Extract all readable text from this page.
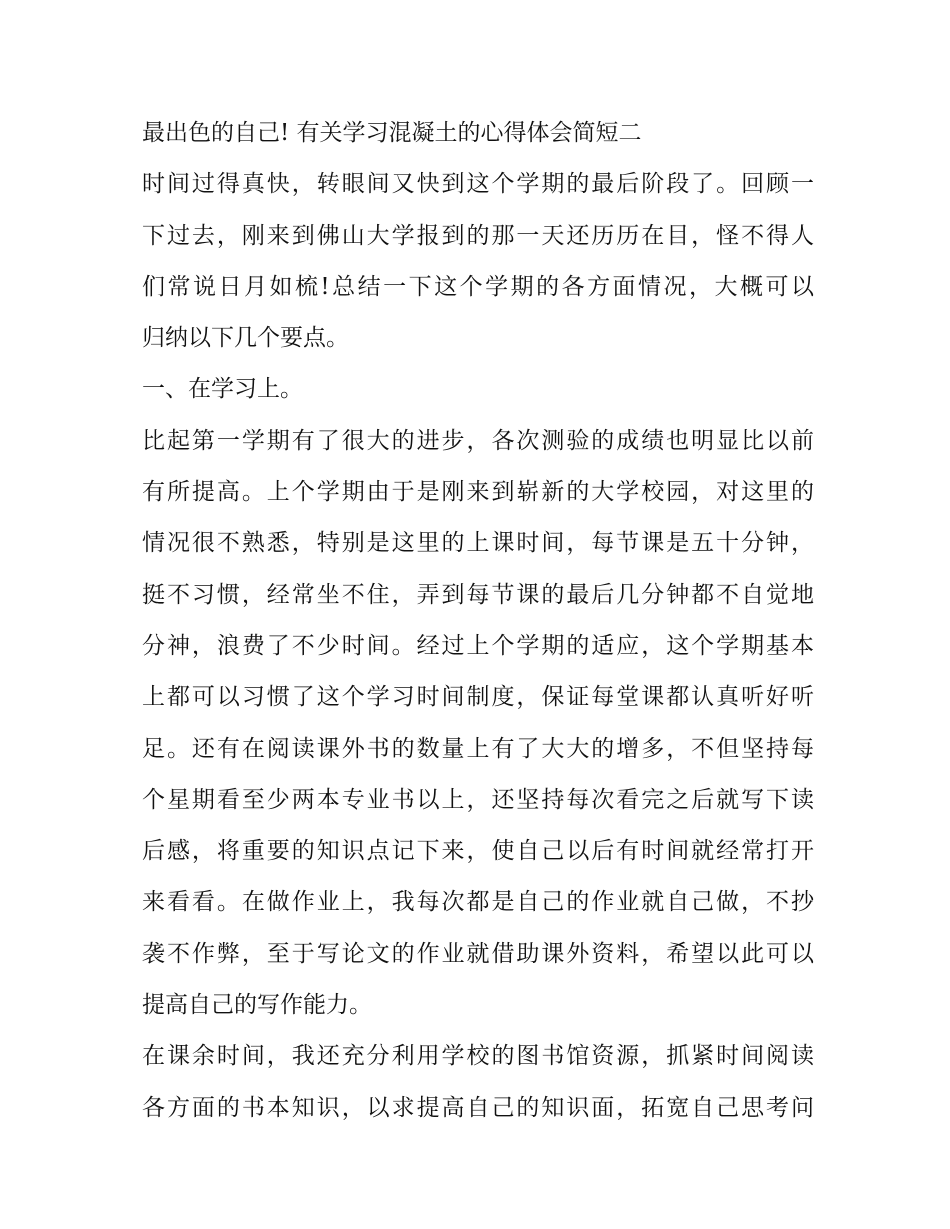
最出色的自己! 有关学习混凝土的心得体会简短二
时间过得真快，转眼间又快到这个学期的最后阶段了。回顾一
下过去，刚来到佛山大学报到的那一天还历历在目，怪不得人
们常说日月如梳!总结一下这个学期的各方面情况，大概可以
归纳以下几个要点。
一、在学习上。
比起第一学期有了很大的进步，各次测验的成绩也明显比以前
有所提高。上个学期由于是刚来到崭新的大学校园，对这里的
情况很不熟悉，特别是这里的上课时间，每节课是五十分钟，
挺不习惯，经常坐不住，弄到每节课的最后几分钟都不自觉地
分神，浪费了不少时间。经过上个学期的适应，这个学期基本
上都可以习惯了这个学习时间制度，保证每堂课都认真听好听
足。还有在阅读课外书的数量上有了大大的增多，不但坚持每
个星期看至少两本专业书以上，还坚持每次看完之后就写下读
后感，将重要的知识点记下来，使自己以后有时间就经常打开
来看看。在做作业上，我每次都是自己的作业就自己做，不抄
袭不作弊，至于写论文的作业就借助课外资料，希望以此可以
提高自己的写作能力。
在课余时间，我还充分利用学校的图书馆资源，抓紧时间阅读
各方面的书本知识，以求提高自己的知识面，拓宽自己思考问
